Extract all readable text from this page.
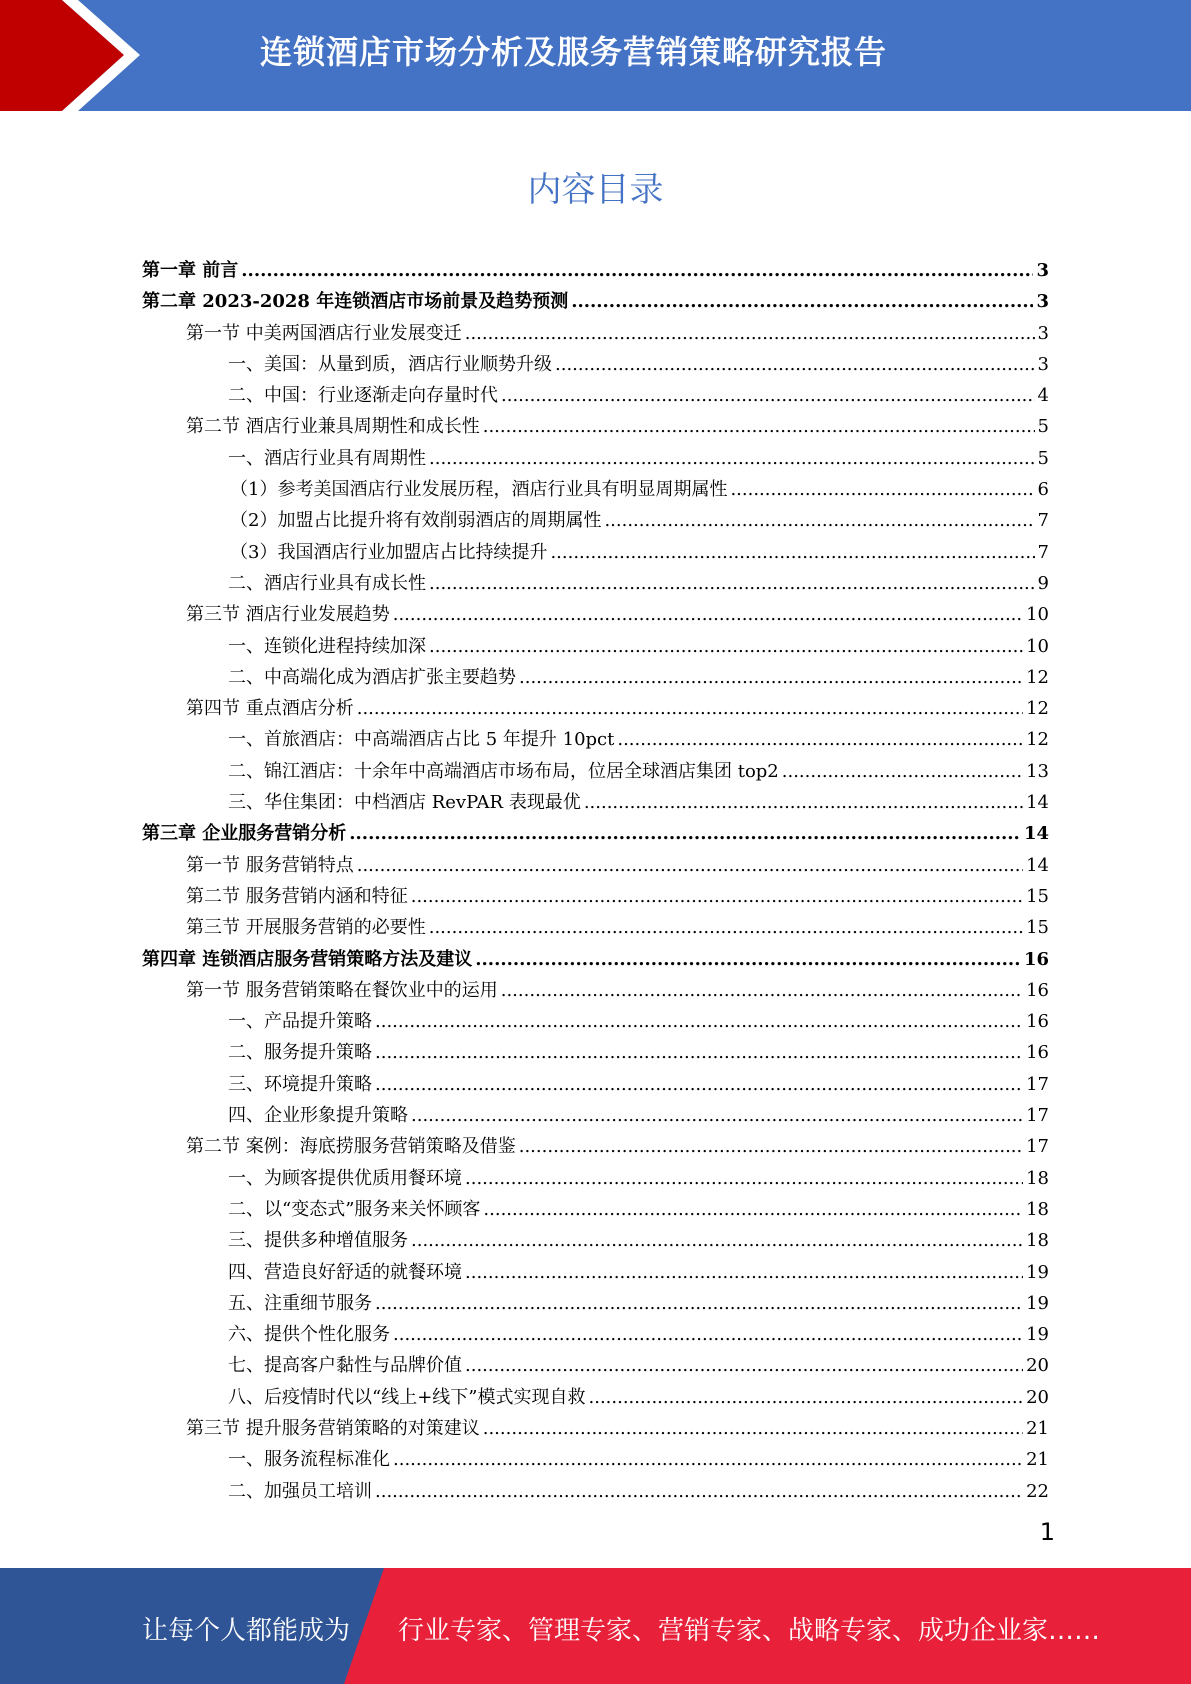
连锁酒店市场分析及服务营销策略研究报告
内容目录
第一章 前言 .....	3
第二章 2023-2028 年连锁酒店市场前景及趋势预测 .....	3
第一节 中美两国酒店行业发展变迁 .....	3
一、美国：从量到质，酒店行业顺势升级 .....	3
二、中国：行业逐渐走向存量时代 .....	4
第二节 酒店行业兼具周期性和成长性 .....	5
一、酒店行业具有周期性 .....	5
（1）参考美国酒店行业发展历程，酒店行业具有明显周期属性 .....	6
（2）加盟占比提升将有效削弱酒店的周期属性 .....	7
（3）我国酒店行业加盟店占比持续提升 .....	7
二、酒店行业具有成长性 .....	9
第三节 酒店行业发展趋势 .....	10
一、连锁化进程持续加深 .....	10
二、中高端化成为酒店扩张主要趋势 .....	12
第四节 重点酒店分析 .....	12
一、首旅酒店：中高端酒店占比 5 年提升 10pct .....	12
二、锦江酒店：十余年中高端酒店市场布局，位居全球酒店集团 top2 .....	13
三、华住集团：中档酒店 RevPAR 表现最优 .....	14
第三章 企业服务营销分析 .....	14
第一节 服务营销特点 .....	14
第二节 服务营销内涵和特征 .....	15
第三节 开展服务营销的必要性 .....	15
第四章 连锁酒店服务营销策略方法及建议 .....	16
第一节 服务营销策略在餐饮业中的运用 .....	16
一、产品提升策略 .....	16
二、服务提升策略 .....	16
三、环境提升策略 .....	17
四、企业形象提升策略 .....	17
第二节 案例：海底捞服务营销策略及借鉴 .....	17
一、为顾客提供优质用餐环境 .....	18
二、以“变态式”服务来关怀顾客 .....	18
三、提供多种增值服务 .....	18
四、营造良好舒适的就餐环境 .....	19
五、注重细节服务 .....	19
六、提供个性化服务 .....	19
七、提高客户黏性与品牌价值 .....	20
八、后疫情时代以“线上+线下”模式实现自救 .....	20
第三节 提升服务营销策略的对策建议 .....	21
一、服务流程标准化 .....	21
二、加强员工培训 .....	22
1
让每个人都能成为 行业专家、管理专家、营销专家、战略专家、成功企业家……
